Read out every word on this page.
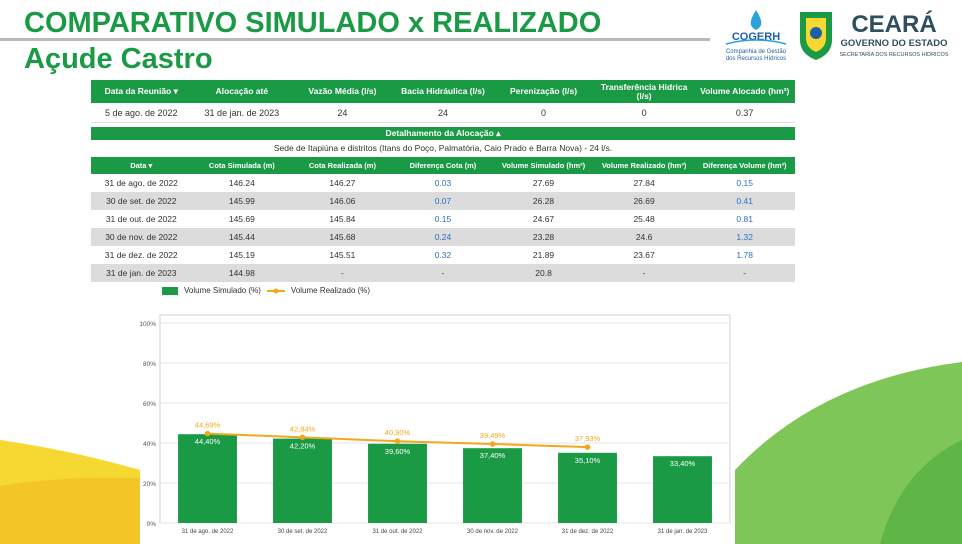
COMPARATIVO SIMULADO x REALIZADO
Açude Castro
COGERH
Companhia de Gestão
dos Recursos Hídricos
CEARÁ
GOVERNO DO ESTADO
SECRETARIA DOS RECURSOS HÍDRICOS
Data da Reunião ▾	Alocação até	Vazão Média (l/s)	Bacia Hidráulica (l/s)	Perenização (l/s)	Transferência Hídrica (l/s)	Volume Alocado (hm³)
5 de ago. de 2022	31 de jan. de 2023	24	24	0	0	0.37
Detalhamento da Alocação ▴
Sede de Itapiúna e distritos (Itans do Poço, Palmatória, Caio Prado e Barra Nova) - 24 l/s.
Data ▾	Cota Simulada (m)	Cota Realizada (m)	Diferença Cota (m)	Volume Simulado (hm³)	Volume Realizado (hm³)	Diferença Volume (hm³)
31 de ago. de 2022	146.24	146.27	0.03	27.69	27.84	0.15
30 de set. de 2022	145.99	146.06	0.07	26.28	26.69	0.41
31 de out. de 2022	145.69	145.84	0.15	24.67	25.48	0.81
30 de nov. de 2022	145.44	145.68	0.24	23.28	24.6	1.32
31 de dez. de 2022	145.19	145.51	0.32	21.89	23.67	1.78
31 de jan. de 2023	144.98	-	-	20.8	-	-
Volume Simulado (%)	Volume Realizado (%)
0%
20%
40%
60%
80%
100%
44,40%
31 de ago. de 2022
42,20%
30 de set. de 2022
39,60%
31 de out. de 2022
37,40%
30 de nov. de 2022
35,10%
31 de dez. de 2022
33,40%
31 de jan. de 2023
44,69%	42,84%	40,90%	39,49%	37,93%
